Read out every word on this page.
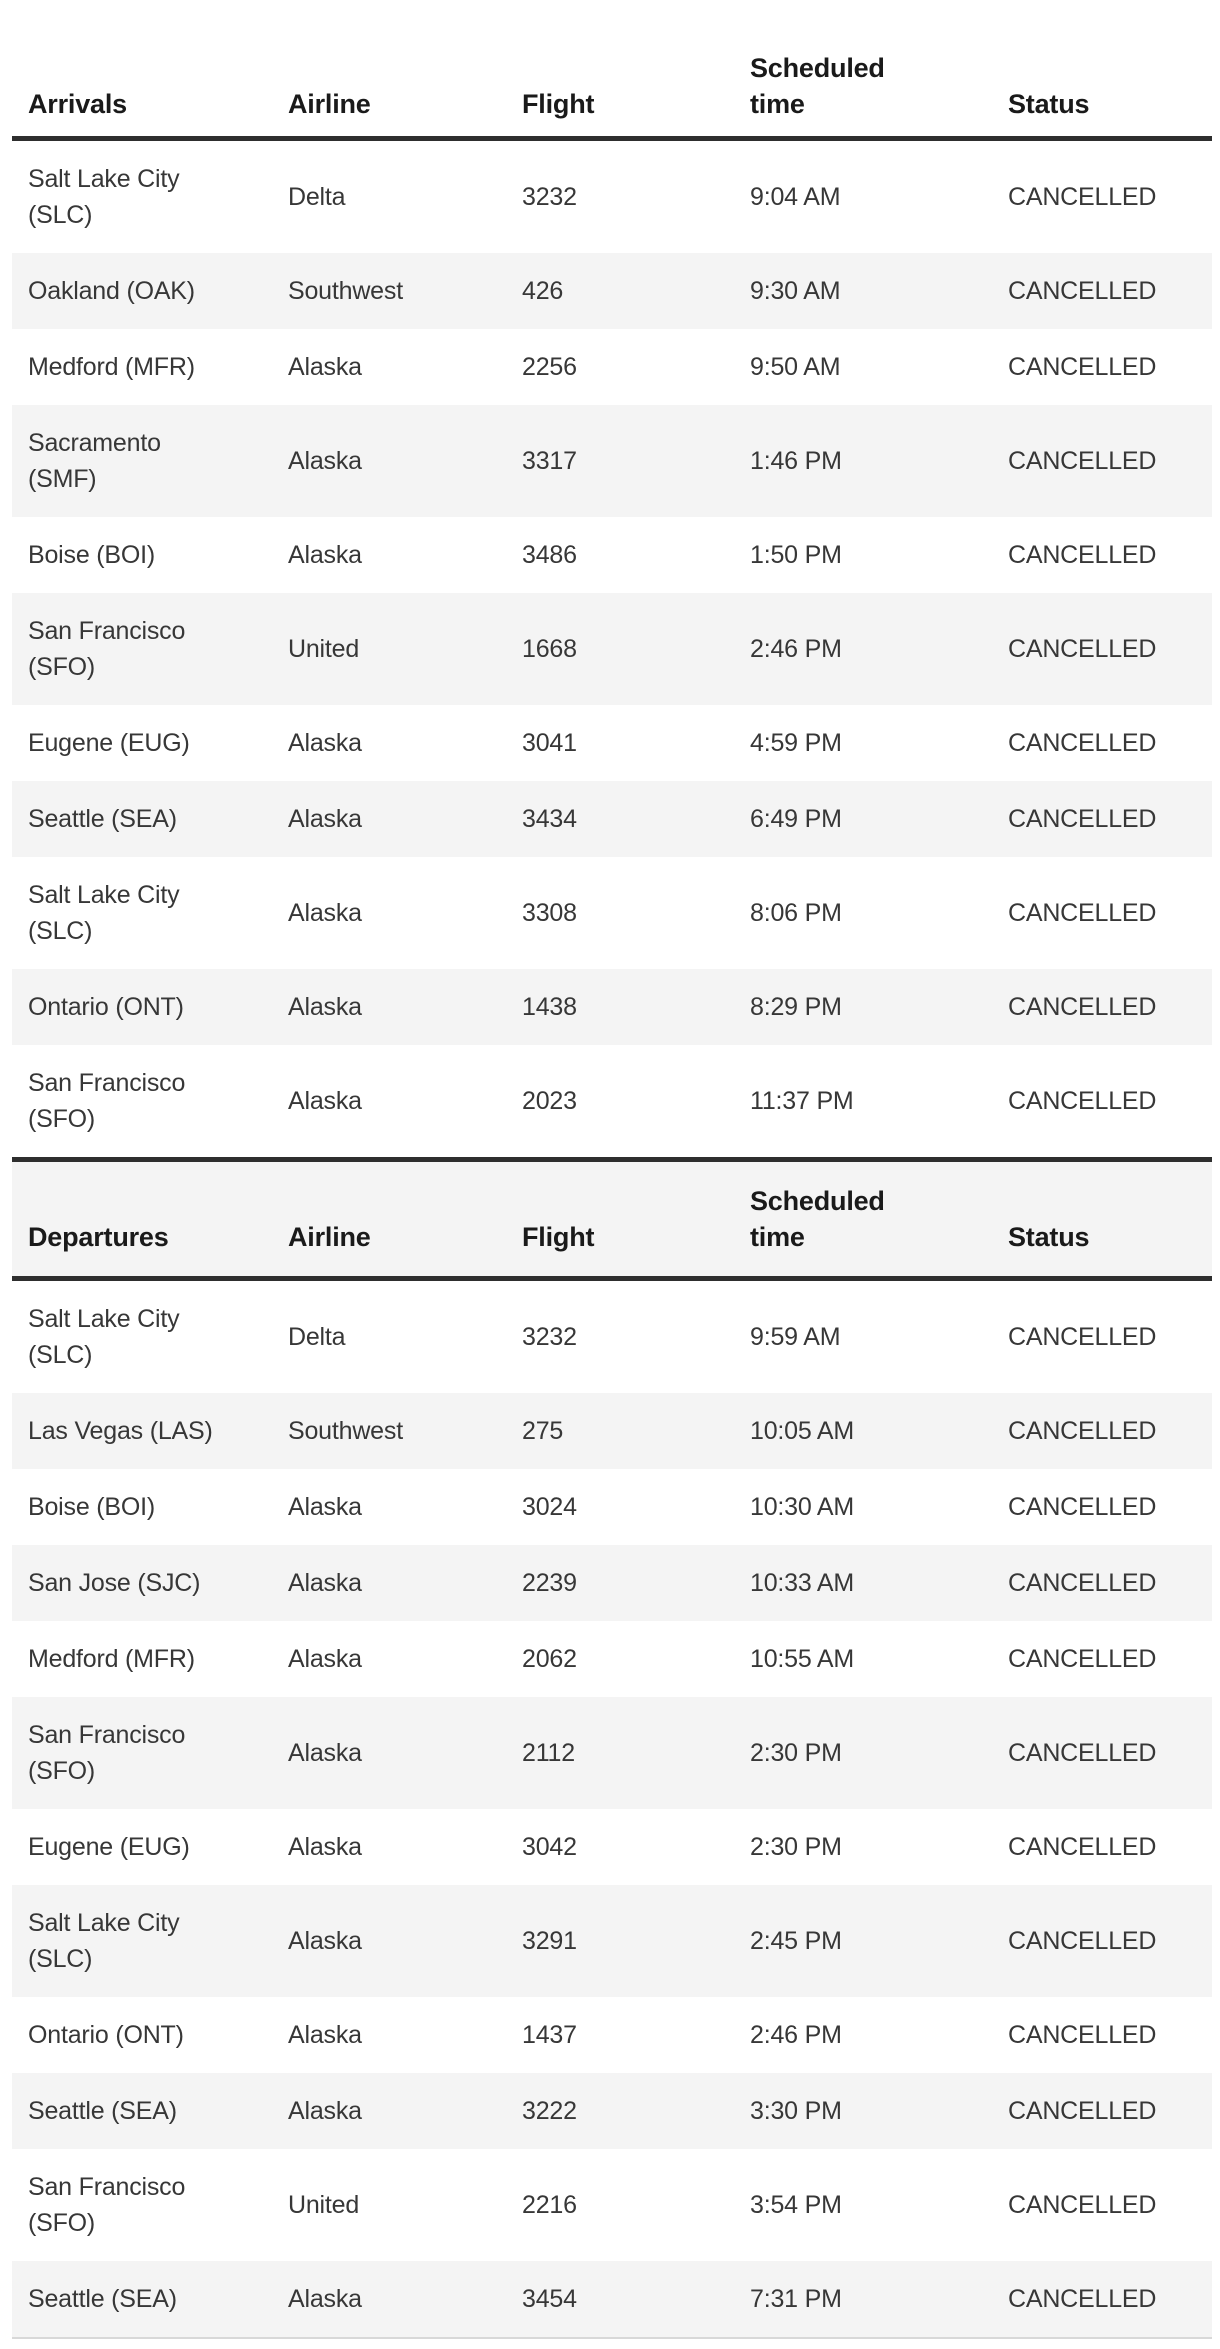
Arrivals	Airline	Flight	Scheduled time	Status
Salt Lake City (SLC)	Delta	3232	9:04 AM	CANCELLED
Oakland (OAK)	Southwest	426	9:30 AM	CANCELLED
Medford (MFR)	Alaska	2256	9:50 AM	CANCELLED
Sacramento (SMF)	Alaska	3317	1:46 PM	CANCELLED
Boise (BOI)	Alaska	3486	1:50 PM	CANCELLED
San Francisco (SFO)	United	1668	2:46 PM	CANCELLED
Eugene (EUG)	Alaska	3041	4:59 PM	CANCELLED
Seattle (SEA)	Alaska	3434	6:49 PM	CANCELLED
Salt Lake City (SLC)	Alaska	3308	8:06 PM	CANCELLED
Ontario (ONT)	Alaska	1438	8:29 PM	CANCELLED
San Francisco (SFO)	Alaska	2023	11:37 PM	CANCELLED
Departures	Airline	Flight	Scheduled time	Status
Salt Lake City (SLC)	Delta	3232	9:59 AM	CANCELLED
Las Vegas (LAS)	Southwest	275	10:05 AM	CANCELLED
Boise (BOI)	Alaska	3024	10:30 AM	CANCELLED
San Jose (SJC)	Alaska	2239	10:33 AM	CANCELLED
Medford (MFR)	Alaska	2062	10:55 AM	CANCELLED
San Francisco (SFO)	Alaska	2112	2:30 PM	CANCELLED
Eugene (EUG)	Alaska	3042	2:30 PM	CANCELLED
Salt Lake City (SLC)	Alaska	3291	2:45 PM	CANCELLED
Ontario (ONT)	Alaska	1437	2:46 PM	CANCELLED
Seattle (SEA)	Alaska	3222	3:30 PM	CANCELLED
San Francisco (SFO)	United	2216	3:54 PM	CANCELLED
Seattle (SEA)	Alaska	3454	7:31 PM	CANCELLED
